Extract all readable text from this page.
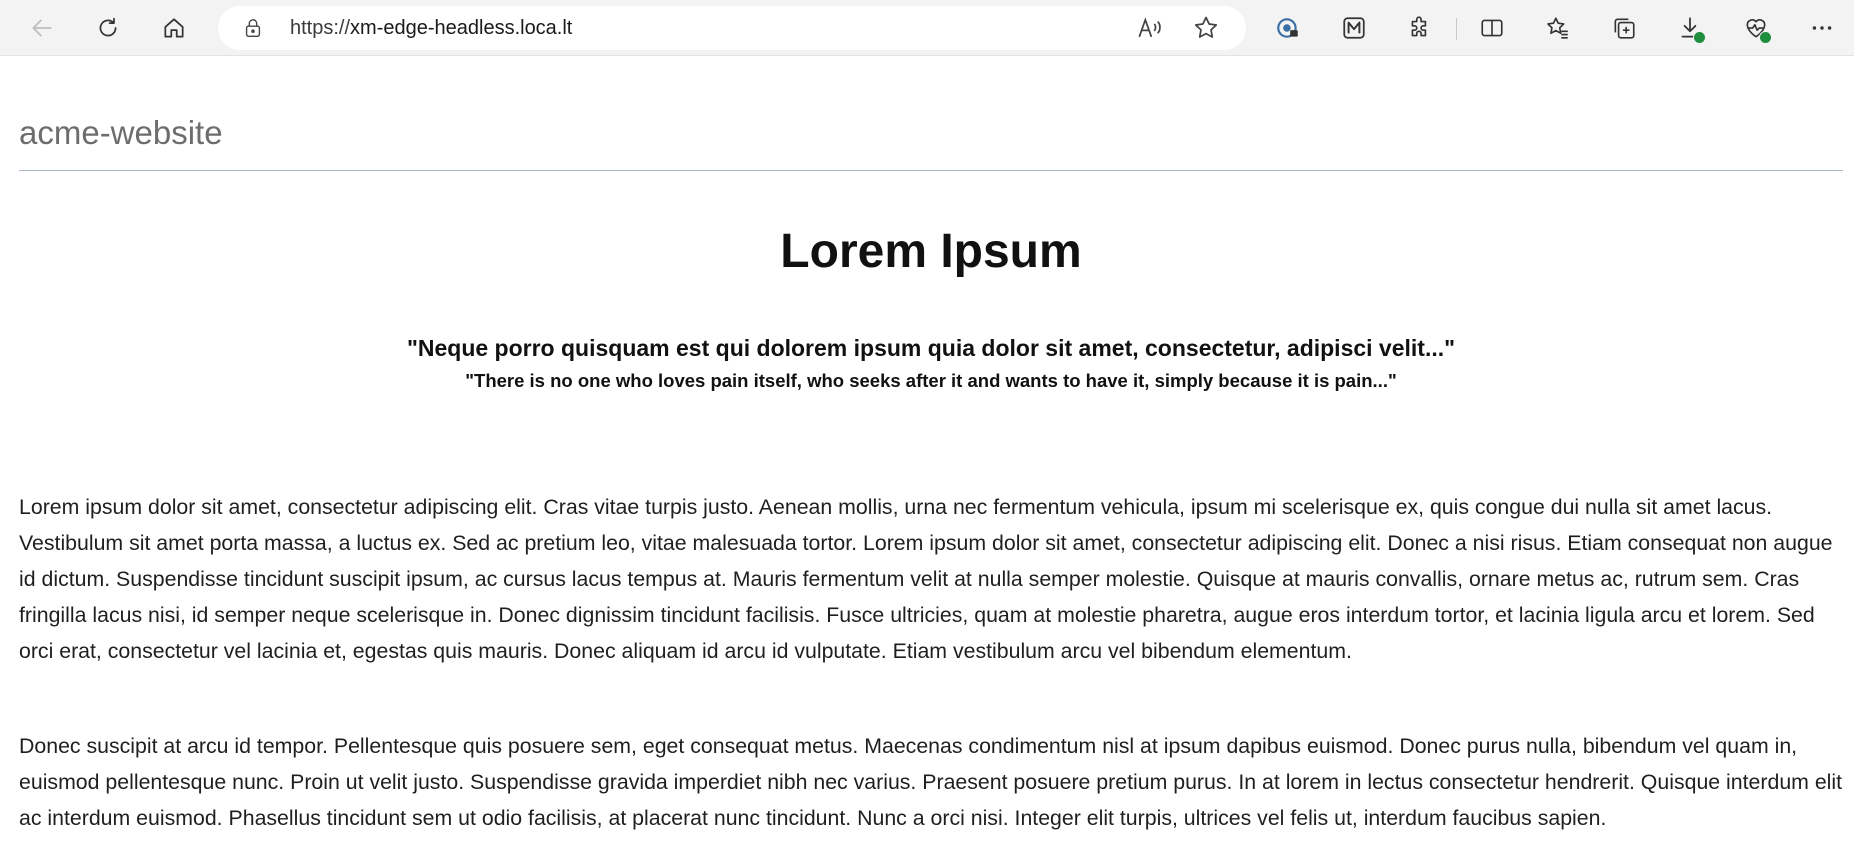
https://xm-edge-headless.loca.lt
acme-website
Lorem Ipsum
"Neque porro quisquam est qui dolorem ipsum quia dolor sit amet, consectetur, adipisci velit..."
"There is no one who loves pain itself, who seeks after it and wants to have it, simply because it is pain..."

Lorem ipsum dolor sit amet, consectetur adipiscing elit. Cras vitae turpis justo. Aenean mollis, urna nec fermentum vehicula, ipsum mi scelerisque ex, quis congue dui nulla sit amet lacus. Vestibulum sit amet porta massa, a luctus ex. Sed ac pretium leo, vitae malesuada tortor. Lorem ipsum dolor sit amet, consectetur adipiscing elit. Donec a nisi risus. Etiam consequat non augue id dictum. Suspendisse tincidunt suscipit ipsum, ac cursus lacus tempus at. Mauris fermentum velit at nulla semper molestie. Quisque at mauris convallis, ornare metus ac, rutrum sem. Cras fringilla lacus nisi, id semper neque scelerisque in. Donec dignissim tincidunt facilisis. Fusce ultricies, quam at molestie pharetra, augue eros interdum tortor, et lacinia ligula arcu et lorem. Sed orci erat, consectetur vel lacinia et, egestas quis mauris. Donec aliquam id arcu id vulputate. Etiam vestibulum arcu vel bibendum elementum.

Donec suscipit at arcu id tempor. Pellentesque quis posuere sem, eget consequat metus. Maecenas condimentum nisl at ipsum dapibus euismod. Donec purus nulla, bibendum vel quam in, euismod pellentesque nunc. Proin ut velit justo. Suspendisse gravida imperdiet nibh nec varius. Praesent posuere pretium purus. In at lorem in lectus consectetur hendrerit. Quisque interdum elit ac interdum euismod. Phasellus tincidunt sem ut odio facilisis, at placerat nunc tincidunt. Nunc a orci nisi. Integer elit turpis, ultrices vel felis ut, interdum faucibus sapien.
